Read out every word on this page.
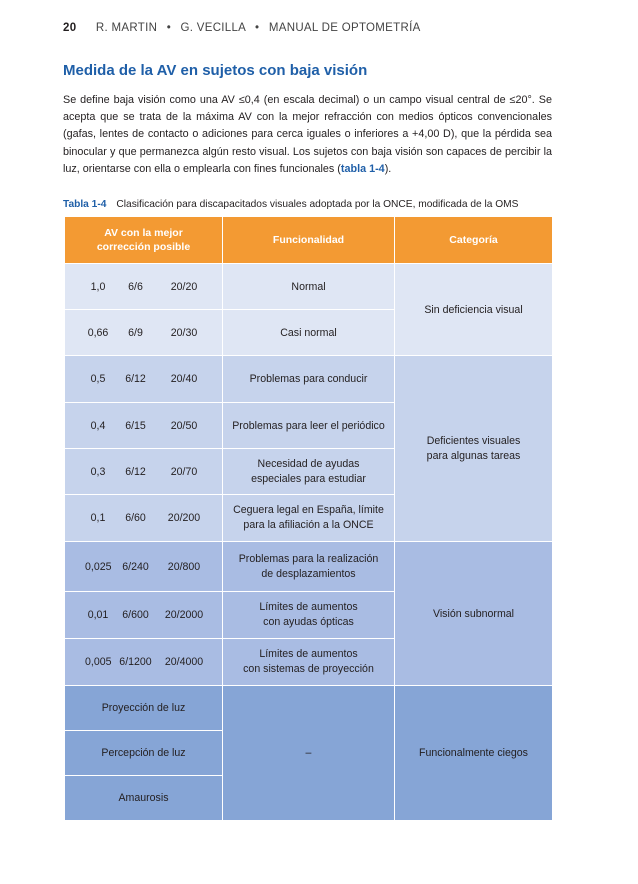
20 R. MARTIN • G. VECILLA • MANUAL DE OPTOMETRÍA
Medida de la AV en sujetos con baja visión
Se define baja visión como una AV ≤0,4 (en escala decimal) o un campo visual central de ≤20°. Se acepta que se trata de la máxima AV con la mejor refracción con medios ópticos convencionales (gafas, lentes de contacto o adiciones para cerca iguales o inferiores a +4,00 D), que la pérdida sea binocular y que permanezca algún resto visual. Los sujetos con baja visión son capaces de percibir la luz, orientarse con ella o emplearla con fines funcionales (tabla 1-4).
Tabla 1-4 Clasificación para discapacitados visuales adoptada por la ONCE, modificada de la OMS
AV con la mejor
corrección posible	Funcionalidad	Categoría

1,0 6/6 20/20	Normal	Sin deficiencia visual

0,66 6/9 20/30	Casi normal	

0,5 6/12 20/40	Problemas para conducir	Deficientes visuales
para algunas tareas

0,4 6/15 20/50	Problemas para leer el periódico	

0,3 6/12 20/70	Necesidad de ayudas
especiales para estudiar	

0,1 6/60 20/200	Ceguera legal en España, límite
para la afiliación a la ONCE	

0,025 6/240 20/800	Problemas para la realización
de desplazamientos	Visión subnormal

0,01 6/600 20/2000	Límites de aumentos
con ayudas ópticas	

0,005 6/1200 20/4000	Límites de aumentos
con sistemas de proyección	

Proyección de luz	–	Funcionalmente ciegos
Percepción de luz		
Amaurosis		
